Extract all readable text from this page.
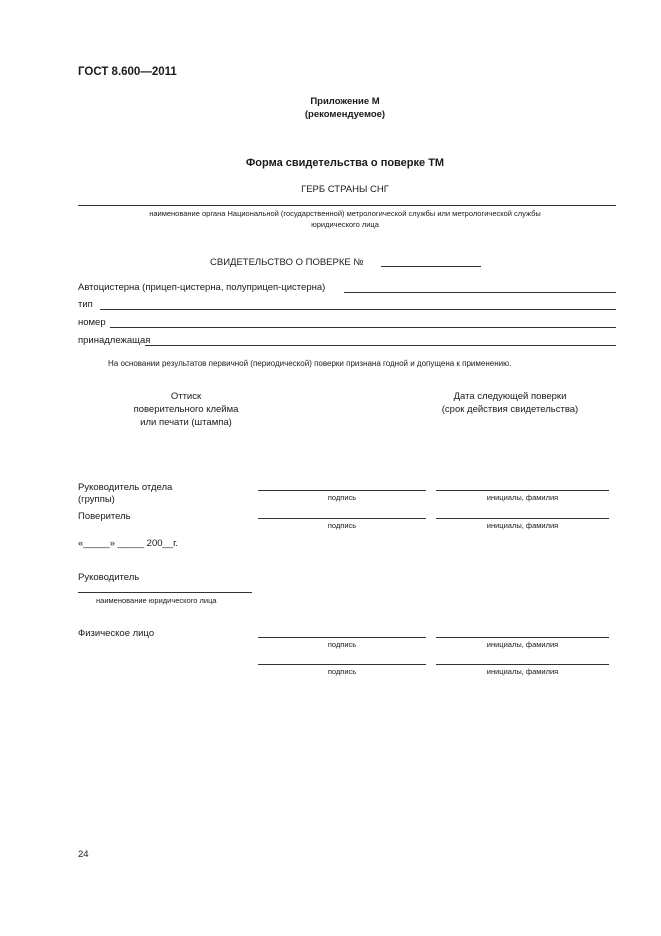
ГОСТ 8.600—2011
Приложение М
(рекомендуемое)
Форма свидетельства о поверке ТМ
ГЕРБ СТРАНЫ СНГ
наименование органа Национальной (государственной) метрологической службы или метрологической службы
юридического лица
СВИДЕТЕЛЬСТВО О ПОВЕРКЕ №
Автоцистерна (прицеп-цистерна, полуприцеп-цистерна)
тип
номер
принадлежащая
На основании результатов первичной (периодической) поверки признана годной и допущена к применению.
Оттиск
поверительного клейма
или печати (штампа)
Дата следующей поверки
(срок действия свидетельства)
Руководитель отдела
(группы)	подпись	инициалы, фамилия
Поверитель
подпись	инициалы, фамилия
«_____» _____ 200__г.
Руководитель
наименование юридического лица
Физическое лицо
подпись	инициалы, фамилия
подпись	инициалы, фамилия
24
